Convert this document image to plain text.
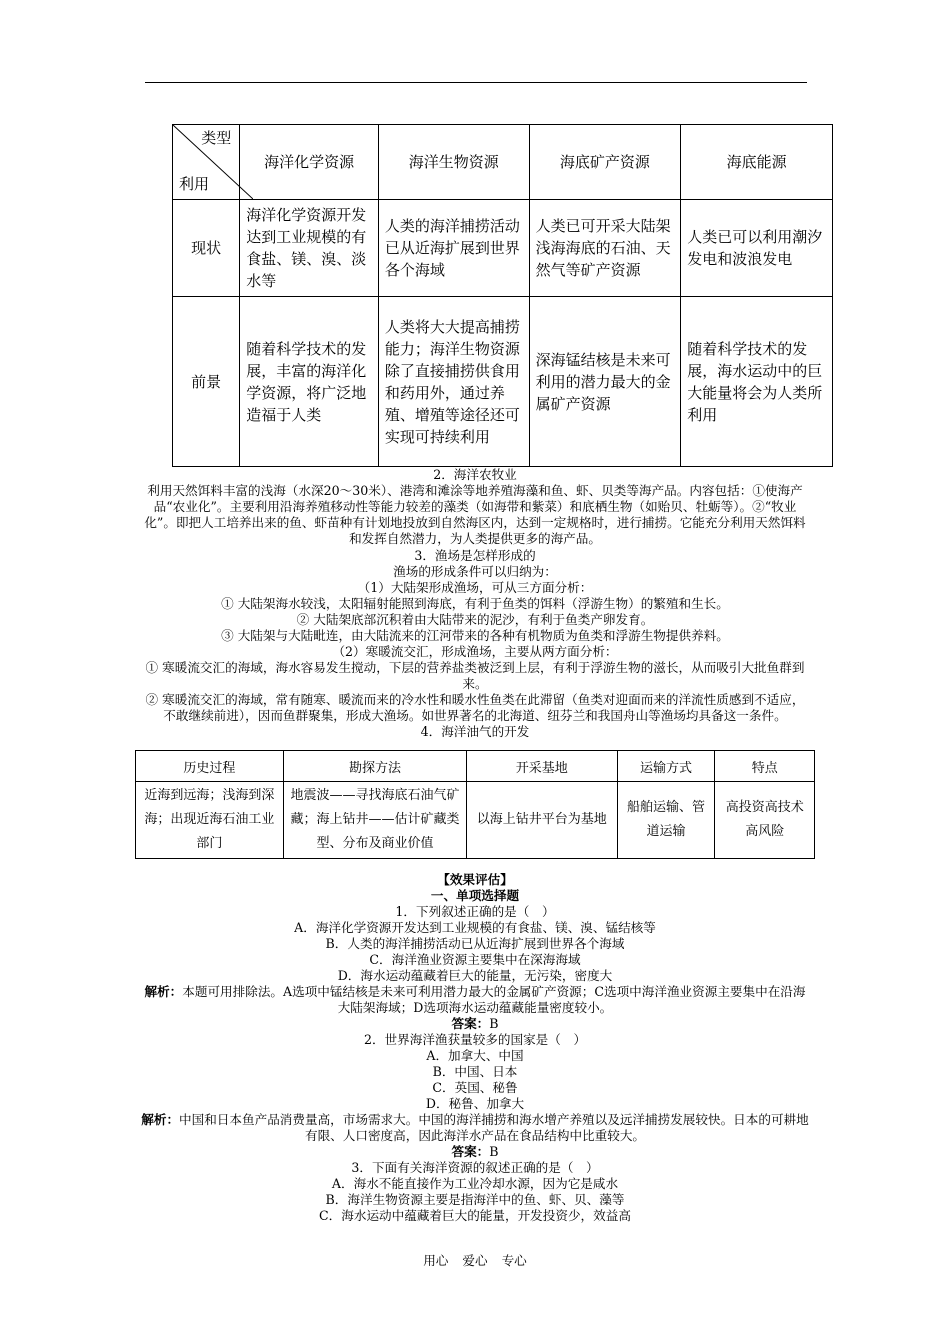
类型
利用	海洋化学资源	海洋生物资源	海底矿产资源	海底能源
现状	海洋化学资源开发达到工业规模的有食盐、镁、溴、淡水等	人类的海洋捕捞活动已从近海扩展到世界各个海域	人类已可开采大陆架浅海海底的石油、天然气等矿产资源	人类已可以利用潮汐发电和波浪发电
前景	随着科学技术的发展，丰富的海洋化学资源，将广泛地造福于人类	人类将大大提高捕捞能力；海洋生物资源除了直接捕捞供食用和药用外，通过养殖、增殖等途径还可实现可持续利用	深海锰结核是未来可利用的潜力最大的金属矿产资源	随着科学技术的发展，海水运动中的巨大能量将会为人类所利用
2．海洋农牧业
利用天然饵料丰富的浅海（水深20～30米）、港湾和滩涂等地养殖海藻和鱼、虾、贝类等海产品。内容包括：①使海产品“农业化”。主要利用沿海养殖移动性等能力较差的藻类（如海带和紫菜）和底栖生物（如贻贝、牡蛎等）。②“牧业化”。即把人工培养出来的鱼、虾苗种有计划地投放到自然海区内，达到一定规格时，进行捕捞。它能充分利用天然饵料和发挥自然潜力，为人类提供更多的海产品。
3．渔场是怎样形成的
渔场的形成条件可以归纳为：
（1）大陆架形成渔场，可从三方面分析：
① 大陆架海水较浅，太阳辐射能照到海底，有利于鱼类的饵料（浮游生物）的繁殖和生长。
② 大陆架底部沉积着由大陆带来的泥沙，有利于鱼类产卵发育。
③ 大陆架与大陆毗连，由大陆流来的江河带来的各种有机物质为鱼类和浮游生物提供养料。
（2）寒暖流交汇，形成渔场，主要从两方面分析：
① 寒暖流交汇的海域，海水容易发生搅动，下层的营养盐类被泛到上层，有利于浮游生物的滋长，从而吸引大批鱼群到来。
② 寒暖流交汇的海域，常有随寒、暖流而来的冷水性和暖水性鱼类在此滞留（鱼类对迎面而来的洋流性质感到不适应，不敢继续前进），因而鱼群聚集，形成大渔场。如世界著名的北海道、纽芬兰和我国舟山等渔场均具备这一条件。
4．海洋油气的开发
历史过程	勘探方法	开采基地	运输方式	特点
近海到远海；浅海到深海；出现近海石油工业部门	地震波——寻找海底石油气矿藏；海上钻井——估计矿藏类型、分布及商业价值	以海上钻井平台为基地	船舶运输、管道运输	高投资高技术高风险
【效果评估】
一、单项选择题
1．下列叙述正确的是（　）
A．海洋化学资源开发达到工业规模的有食盐、镁、溴、锰结核等
B．人类的海洋捕捞活动已从近海扩展到世界各个海域
C．海洋渔业资源主要集中在深海海域
D．海水运动蕴藏着巨大的能量，无污染，密度大
解析：本题可用排除法。A选项中锰结核是未来可利用潜力最大的金属矿产资源；C选项中海洋渔业资源主要集中在沿海大陆架海域；D选项海水运动蕴藏能量密度较小。
答案：B
2．世界海洋渔获量较多的国家是（　）
A．加拿大、中国
B．中国、日本
C．英国、秘鲁
D．秘鲁、加拿大
解析：中国和日本鱼产品消费量高，市场需求大。中国的海洋捕捞和海水增产养殖以及远洋捕捞发展较快。日本的可耕地有限、人口密度高，因此海洋水产品在食品结构中比重较大。
答案：B
3．下面有关海洋资源的叙述正确的是（　）
A．海水不能直接作为工业冷却水源，因为它是咸水
B．海洋生物资源主要是指海洋中的鱼、虾、贝、藻等
C．海水运动中蕴藏着巨大的能量，开发投资少，效益高
用心 爱心 专心
